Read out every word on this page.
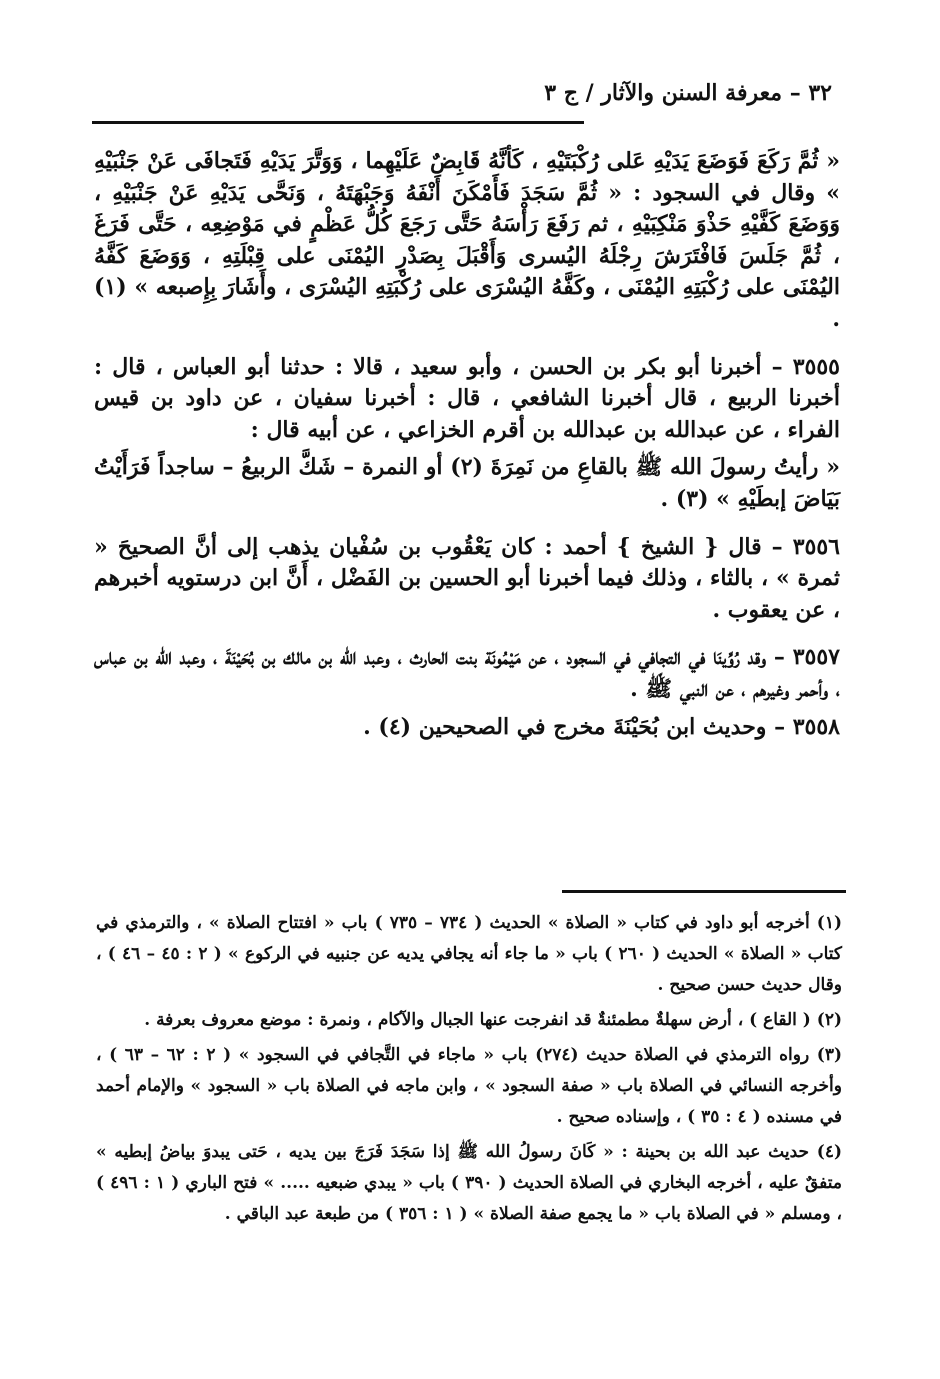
٣٢ – معرفة السنن والآثار / ج ٣

« ثُمَّ رَكَعَ فَوَضَعَ يَدَيْهِ عَلى رُكْبَتَيْهِ ، كَأنَّهُ قَابِضٌ عَلَيْهِما ، وَوَتَّرَ يَدَيْهِ فَتَجافَى عَنْ جَنْبَيْهِ » وقال في السجود : « ثُمَّ سَجَدَ فَأَمْكَنَ أَنْفَهُ وَجَبْهَتَهُ ، وَنَحَّى يَدَيْهِ عَنْ جَنْبَيْهِ ، وَوَضَعَ كَفَّيْهِ حَذْوَ مَنْكِبَيْهِ ، ثم رَفَعَ رَأْسَهُ حَتَّى رَجَعَ كُلُّ عَظْمٍ في مَوْضِعِه ، حَتَّى فَرَغَ ، ثُمَّ جَلَسَ فَافْتَرَشَ رِجْلَهُ اليُسرى وَأَقْبَلَ بِصَدْرِ اليُمْنَى على قِبْلَتِهِ ، وَوَضَعَ كَفَّهُ اليُمْنَى على رُكْبَتِهِ اليُمْنَى ، وكَفَّهُ اليُسْرَى على رُكْبَتِهِ اليُسْرَى ، وأَشَارَ بِإِصبعه » (١) .

٣٥٥٥ – أخبرنا أبو بكر بن الحسن ، وأبو سعيد ، قالا : حدثنا أبو العباس ، قال : أخبرنا الربيع ، قال أخبرنا الشافعي ، قال : أخبرنا سفيان ، عن داود بن قيس الفراء ، عن عبدالله بن عبدالله بن أقرم الخزاعي ، عن أبيه قال :

« رأيتُ رسولَ الله ﷺ بالقاعِ من نَمِرَةَ (٢) أو النمرة – شَكَّ الربيعُ – ساجداً فَرَأَيْتُ بَيَاضَ إبطَيْهِ » (٣) .

٣٥٥٦ – قال { الشيخ } أحمد : كان يَعْقُوب بن سُفْيان يذهب إلى أنَّ الصحيحَ « ثمرة » ، بالثاء ، وذلك فيما أخبرنا أبو الحسين بن الفَضْل ، أَنَّ ابن درستويه أخبرهم ، عن يعقوب .

٣٥٥٧ – وقد رُوِّينَا في التجافي في السجود ، عن مَيْمُونَة بنت الحارث ، وعبد الله بن مالك بن بُحَيْنَةَ ، وعبد الله بن عباس ، وأحمر وغيرهم ، عن النبي ﷺ .

٣٥٥٨ – وحديث ابن بُحَيْنَةَ مخرج في الصحيحين (٤) .

(١) أخرجه أبو داود في كتاب « الصلاة » الحديث ( ٧٣٤ – ٧٣٥ ) باب « افتتاح الصلاة » ، والترمذي في كتاب « الصلاة » الحديث ( ٢٦٠ ) باب « ما جاء أنه يجافي يديه عن جنبيه في الركوع » ( ٢ : ٤٥ – ٤٦ ) ، وقال حديث حسن صحيح .

(٢) ( القاع ) ، أرض سهلةٌ مطمئنةٌ قد انفرجت عنها الجبال والآكام ، ونمرة : موضع معروف بعرفة .

(٣) رواه الترمذي في الصلاة حديث (٢٧٤) باب « ماجاء في التَّجافي في السجود » ( ٢ : ٦٢ – ٦٣ ) ، وأخرجه النسائي في الصلاة باب « صفة السجود » ، وابن ماجه في الصلاة باب « السجود » والإمام أحمد في مسنده ( ٤ : ٣٥ ) ، وإسناده صحيح .

(٤) حديث عبد الله بن بحينة : « كَانَ رسولُ الله ﷺ إذا سَجَدَ فَرَجَ بين يديه ، حَتى يبدوَ بياضُ إبطيه » متفقٌ عليه ، أخرجه البخاري في الصلاة الحديث ( ٣٩٠ ) باب « يبدي ضبعيه ..... » فتح الباري ( ١ : ٤٩٦ ) ، ومسلم « في الصلاة باب « ما يجمع صفة الصلاة » ( ١ : ٣٥٦ ) من طبعة عبد الباقي .
